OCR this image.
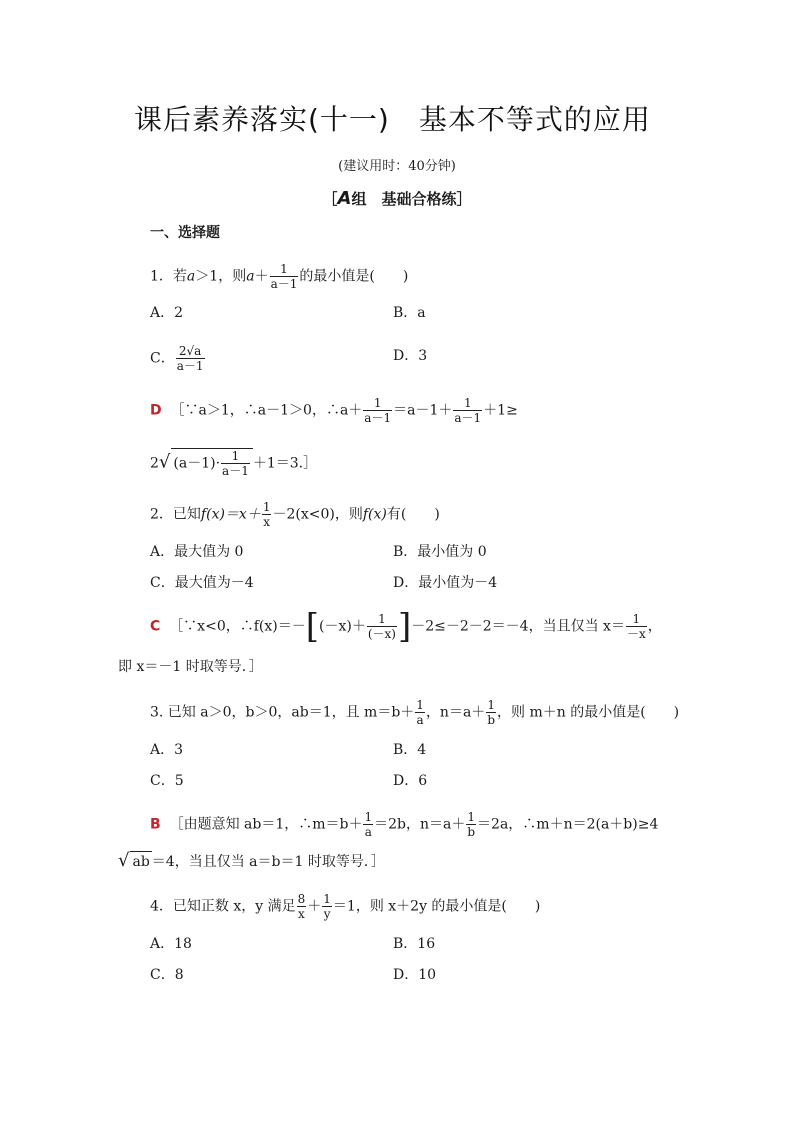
课后素养落实(十一)　基本不等式的应用
(建议用时：40分钟)
［A组　基础合格练］
一、选择题
1．若a＞1，则$a+ \frac{1}{a-1}$ 的最小值是(　　)
A．2	B．a
C． $\frac{2√a}{a-1}$	D．3
D ［∵a＞1，∴a－1＞0，∴a＋ $\frac{1}{a-1} =a-1+ \frac{1}{a-1} +1\ge$
2√ $(a-1)\cdot \frac{1}{a-1}$ ＋1＝3.］
2．已知$f(x)=x+ \frac{1}{x} -2(x<0)$，则f(x)有(　　)
A．最大值为 0	B．最小值为 0
C．最大值为－4	D．最小值为－4
C ［∵x<0，∴f(x)＝－[(－x)＋ $\frac{1}{(-x)} ]-2\le-2-2=-4$，当且仅当 $x= \frac{1}{-x}$ ，
即 x＝－1 时取等号．］
3. 已知 a＞0，b＞0，ab＝1，且 $m=b+ \frac{1}{a}$ ，$n=a+ \frac{1}{b}$ ，则 m＋n 的最小值是(　　)
A．3	B．4
C．5	D．6
B ［由题意知 ab＝1，∴m＝b＋ $\frac{1}{a} =2b$，$n=a+ \frac{1}{b} =2a$，∴m＋n＝2(a＋b)≥4
√ ab ＝4，当且仅当 a＝b＝1 时取等号．］
4．已知正数 x，y 满足 $\frac{8}{x} + \frac{1}{y} =1$，则 x＋2y 的最小值是(　　)
A．18	B．16
C．8	D．10
